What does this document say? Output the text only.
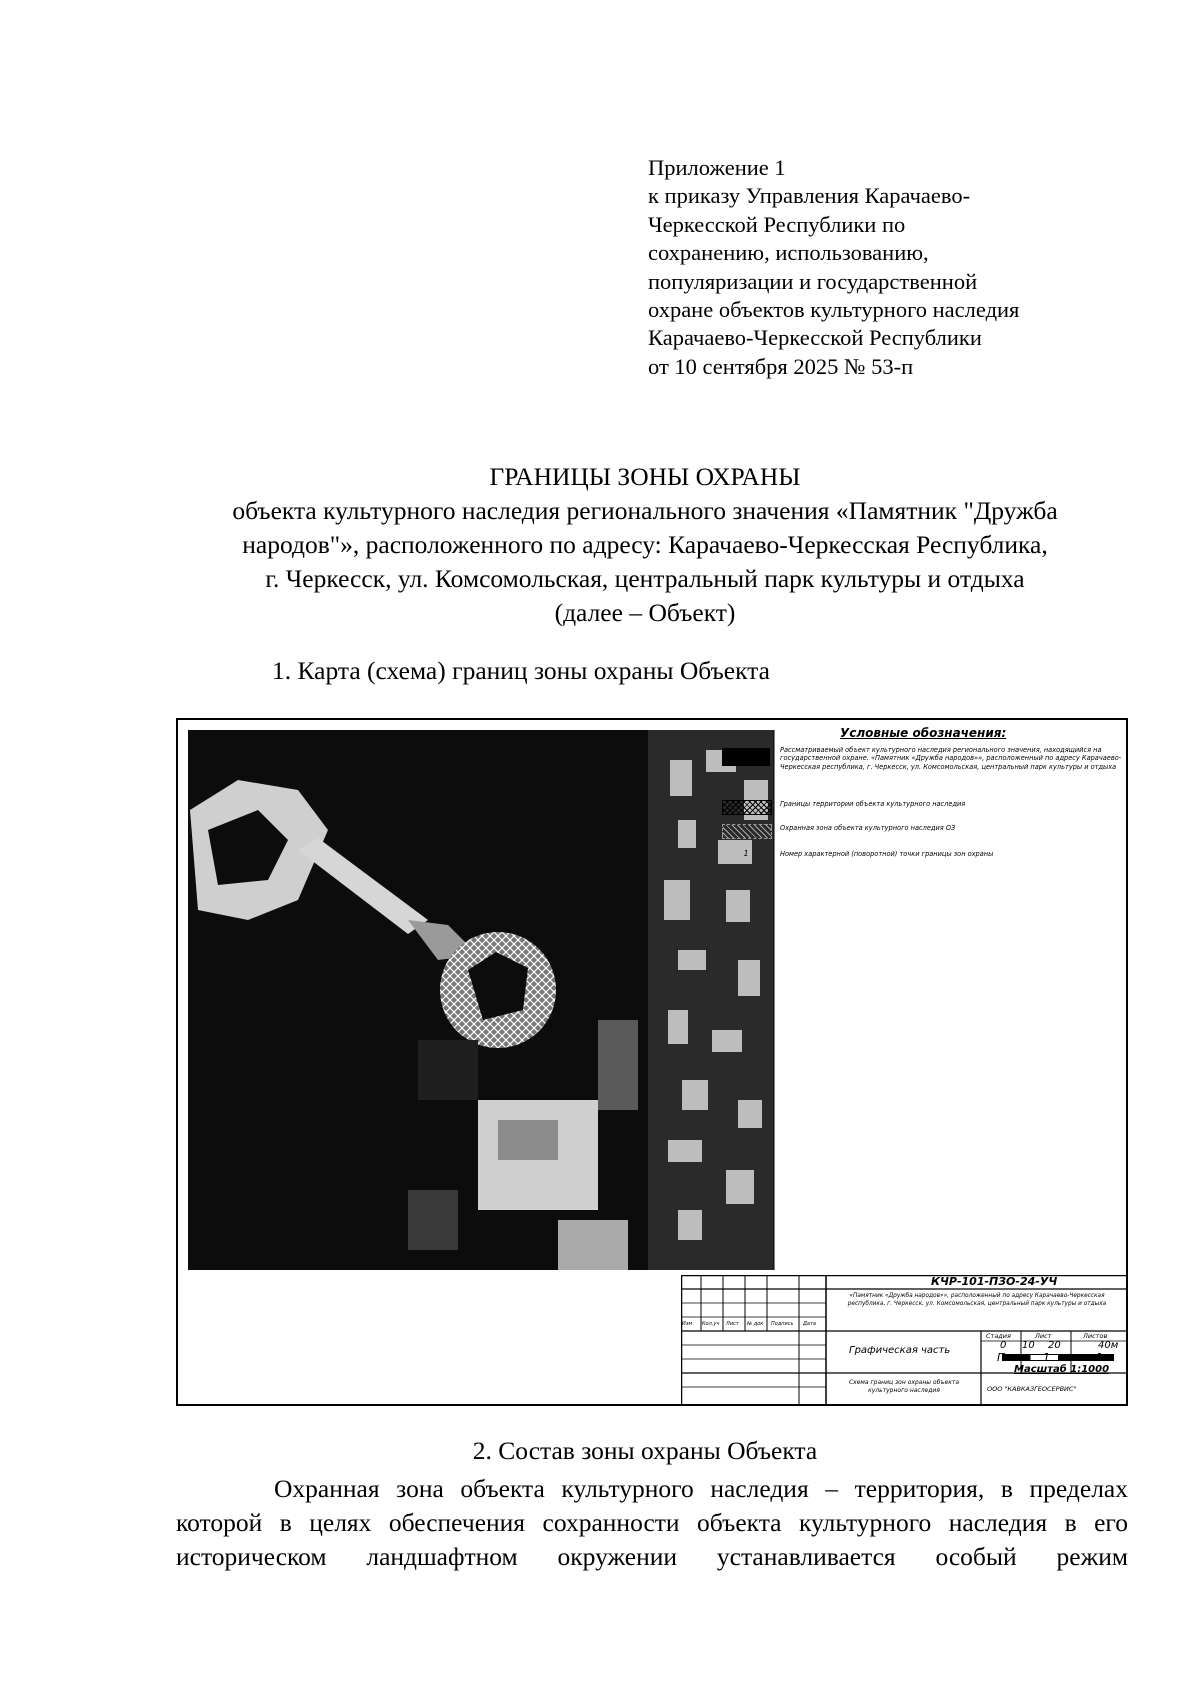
Приложение 1
к приказу Управления Карачаево-
Черкесской Республики по
сохранению, использованию,
популяризации и государственной
охране объектов культурного наследия
Карачаево-Черкесской Республики
от 10 сентября 2025 № 53-п
ГРАНИЦЫ ЗОНЫ ОХРАНЫ
объекта культурного наследия регионального значения «Памятник "Дружба
народов"», расположенного по адресу: Карачаево-Черкесская Республика,
г. Черкесск, ул. Комсомольская, центральный парк культуры и отдыха
(далее – Объект)
1. Карта (схема) границ зоны охраны Объекта
Условные обозначения:
Рассматриваемый объект культурного наследия регионального значения, находящийся на государственной охране. «Памятник «Дружба народов»», расположенный по адресу Карачаево-Черкесская республика, г. Черкесск, ул. Комсомольская, центральный парк культуры и отдыха
Границы территории объекта культурного наследия
Охранная зона объекта культурного наследия ОЗ
1	Номер характерной (поворотной) точки границы зон охраны
0 10 20	40м
Масштаб 1:1000
КЧР-101-ПЗО-24-УЧ
«Памятник «Дружба народов»», расположенный по адресу Карачаево-Черкесская республика, г. Черкесск, ул. Комсомольская, центральный парк культуры и отдыха
Изм Кол.уч Лист № док Подпись Дата
Графическая часть
Стадия	Лист	Листов
П	1	1
Схема границ зон охраны объекта культурного наследия	ООО "КАВКАЗГЕОСЕРВИС"
2. Состав зоны охраны Объекта
Охранная зона объекта культурного наследия – территория, в пределах
которой в целях обеспечения сохранности объекта культурного наследия в его
историческом ландшафтном окружении устанавливается особый режим
